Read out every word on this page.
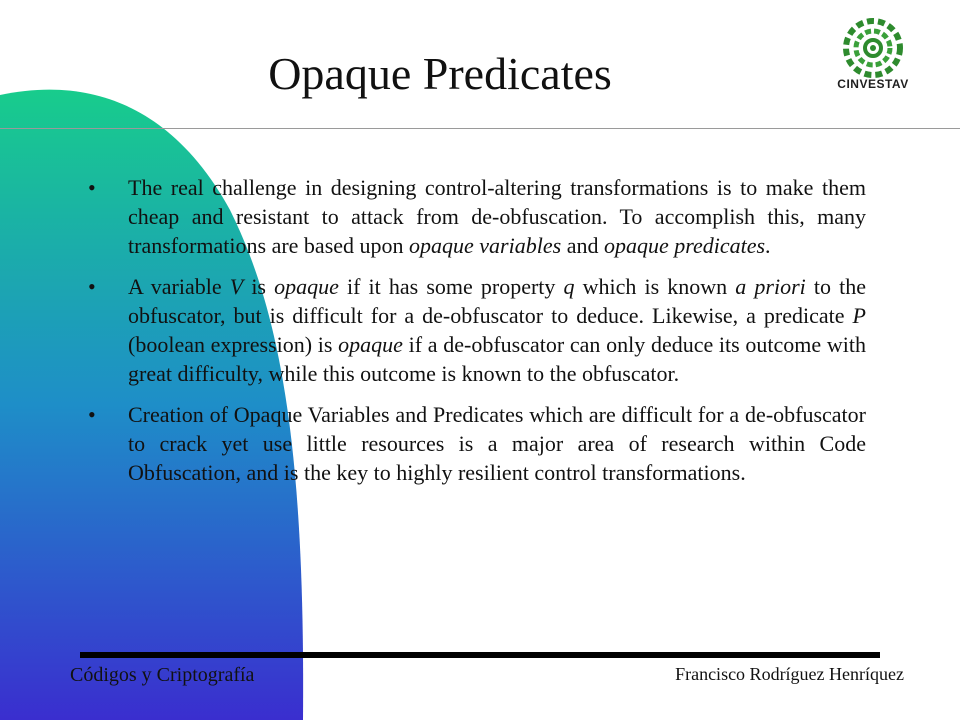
Opaque Predicates	CINVESTAV
• The real challenge in designing control-altering transformations is to make them cheap and resistant to attack from de-obfuscation. To accomplish this, many transformations are based upon opaque variables and opaque predicates.
• A variable V is opaque if it has some property q which is known a priori to the obfuscator, but is difficult for a de-obfuscator to deduce. Likewise, a predicate P (boolean expression) is opaque if a de-obfuscator can only deduce its outcome with great difficulty, while this outcome is known to the obfuscator.
• Creation of Opaque Variables and Predicates which are difficult for a de-obfuscator to crack yet use little resources is a major area of research within Code Obfuscation, and is the key to highly resilient control transformations.
Códigos y Criptografía	Francisco Rodríguez Henríquez
